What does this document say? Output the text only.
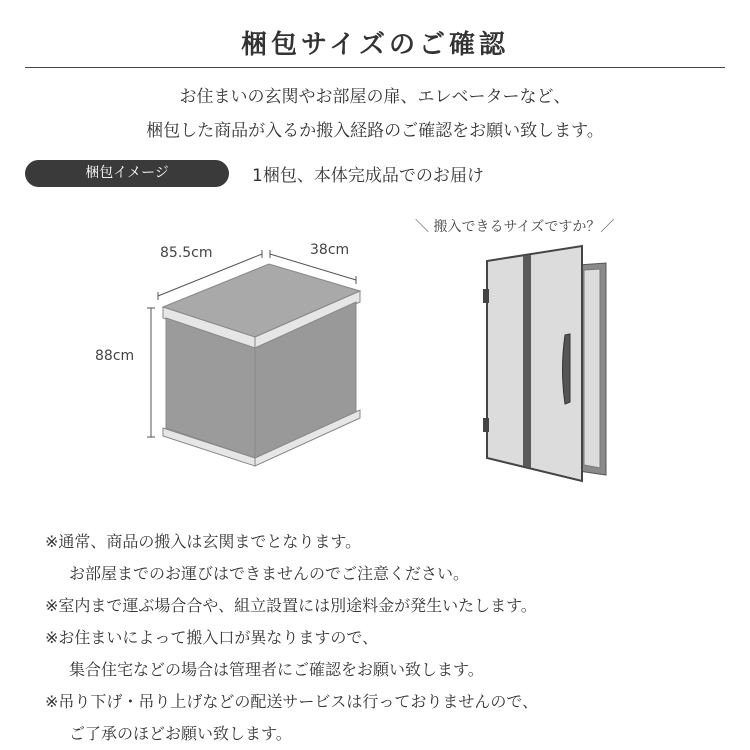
梱包サイズのご確認
お住まいの玄関やお部屋の扉、エレベーターなど、
梱包した商品が入るか搬入経路のご確認をお願い致します。
梱包イメージ	1梱包、本体完成品でのお届け
85.5cm	38cm
88cm
＼ 搬入できるサイズですか？／
※通常、商品の搬入は玄関までとなります。
お部屋までのお運びはできませんのでご注意ください。
※室内まで運ぶ場合合や、組立設置には別途料金が発生いたします。
※お住まいによって搬入口が異なりますので、
集合住宅などの場合は管理者にご確認をお願い致します。
※吊り下げ・吊り上げなどの配送サービスは行っておりませんので、
ご了承のほどお願い致します。
